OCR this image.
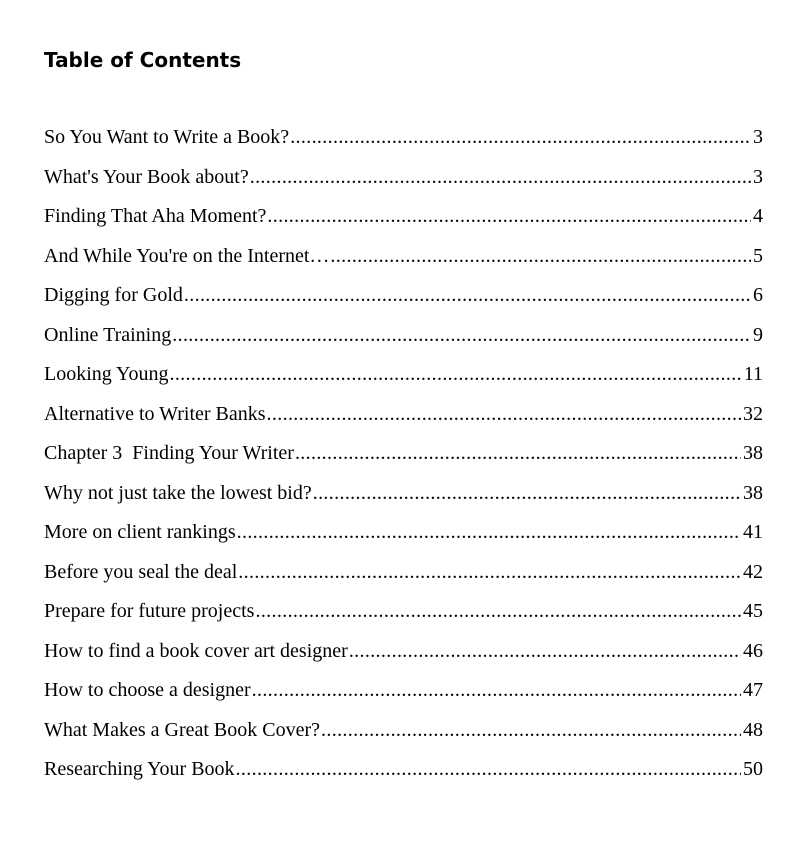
Table of Contents
So You Want to Write a Book? .....	3
What's Your Book about? .....	3
Finding That Aha Moment? .....	4
And While You're on the Internet… .....	5
Digging for Gold .....	6
Online Training .....	9
Looking Young .....	11
Alternative to Writer Banks .....	32
Chapter 3  Finding Your Writer .....	38
Why not just take the lowest bid? .....	38
More on client rankings .....	41
Before you seal the deal .....	42
Prepare for future projects .....	45
How to find a book cover art designer .....	46
How to choose a designer .....	47
What Makes a Great Book Cover? .....	48
Researching Your Book .....	50
